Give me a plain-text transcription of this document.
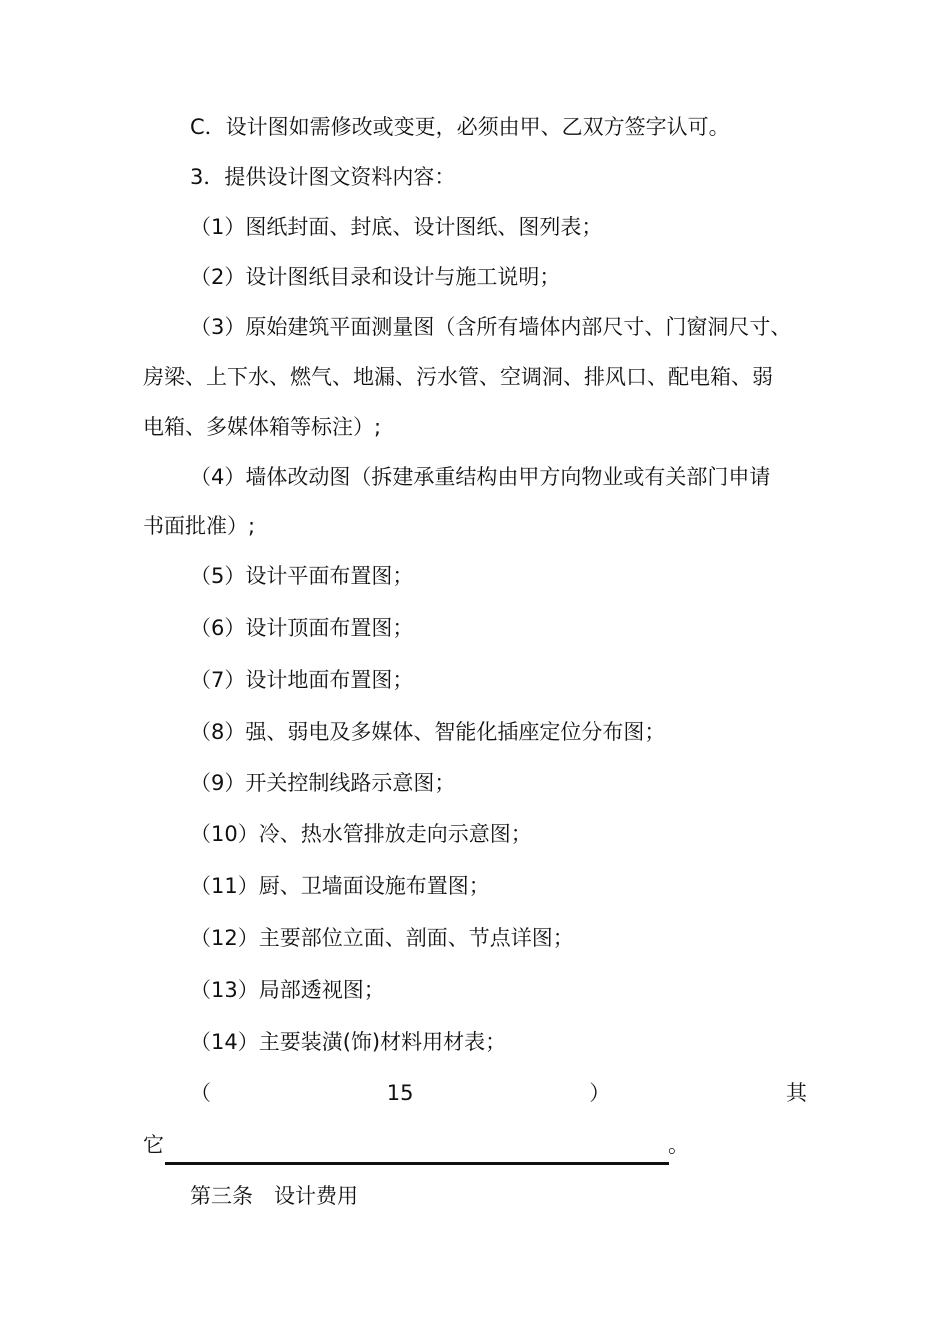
C．设计图如需修改或变更，必须由甲、乙双方签字认可。
3．提供设计图文资料内容：
（1）图纸封面、封底、设计图纸、图列表；
（2）设计图纸目录和设计与施工说明；
（3）原始建筑平面测量图（含所有墙体内部尺寸、门窗洞尺寸、
房梁、上下水、燃气、地漏、污水管、空调洞、排风口、配电箱、弱
电箱、多媒体箱等标注）;
（4）墙体改动图（拆建承重结构由甲方向物业或有关部门申请
书面批准）;
（5）设计平面布置图；
（6）设计顶面布置图；
（7）设计地面布置图；
（8）强、弱电及多媒体、智能化插座定位分布图；
（9）开关控制线路示意图；
（10）冷、热水管排放走向示意图；
（11）厨、卫墙面设施布置图；
（12）主要部位立面、剖面、节点详图；
（13）局部透视图；
（14）主要装潢(饰)材料用材表；
（	15	）	其
它	。
第三条　设计费用
